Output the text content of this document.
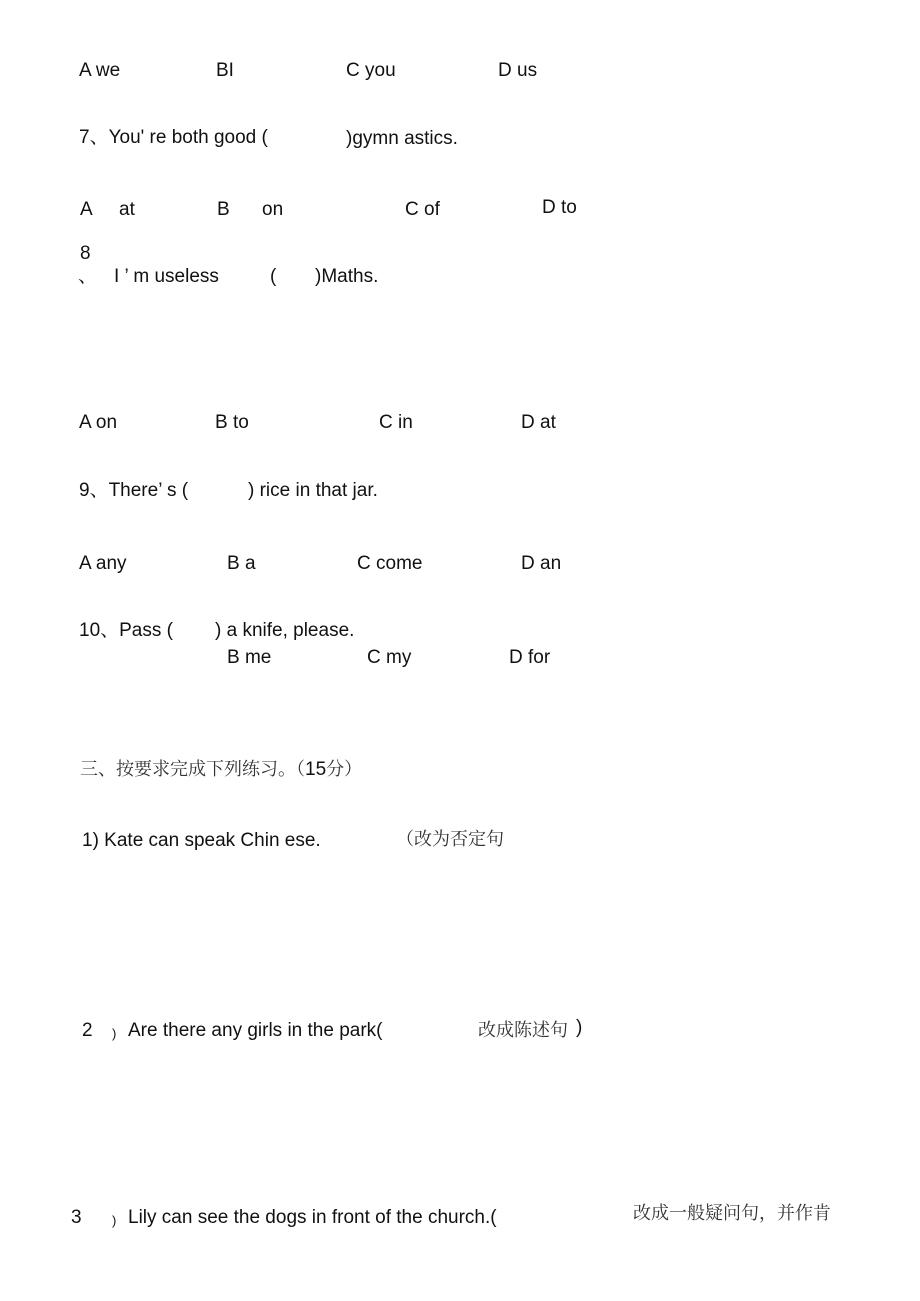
A we	BI	C you	D us
7、You' re both good (	)gymn astics.
A at	B on	C of	D to
8
、 I ’ m useless	( )Maths.
A on	B to	C in	D at
9、There’ s (	) rice in that jar.
A any	B a	C come	D an
10、Pass ( ) a knife, please.
B me	C my	D for
三、按要求完成下列练习。（15分）
1) Kate can speak Chin ese.	（改为否定句
2 ) Are there any girls in the park(	改成陈述句 )
3 ) Lily can see the dogs in front of the church.(	改成一般疑问句，并作肯
